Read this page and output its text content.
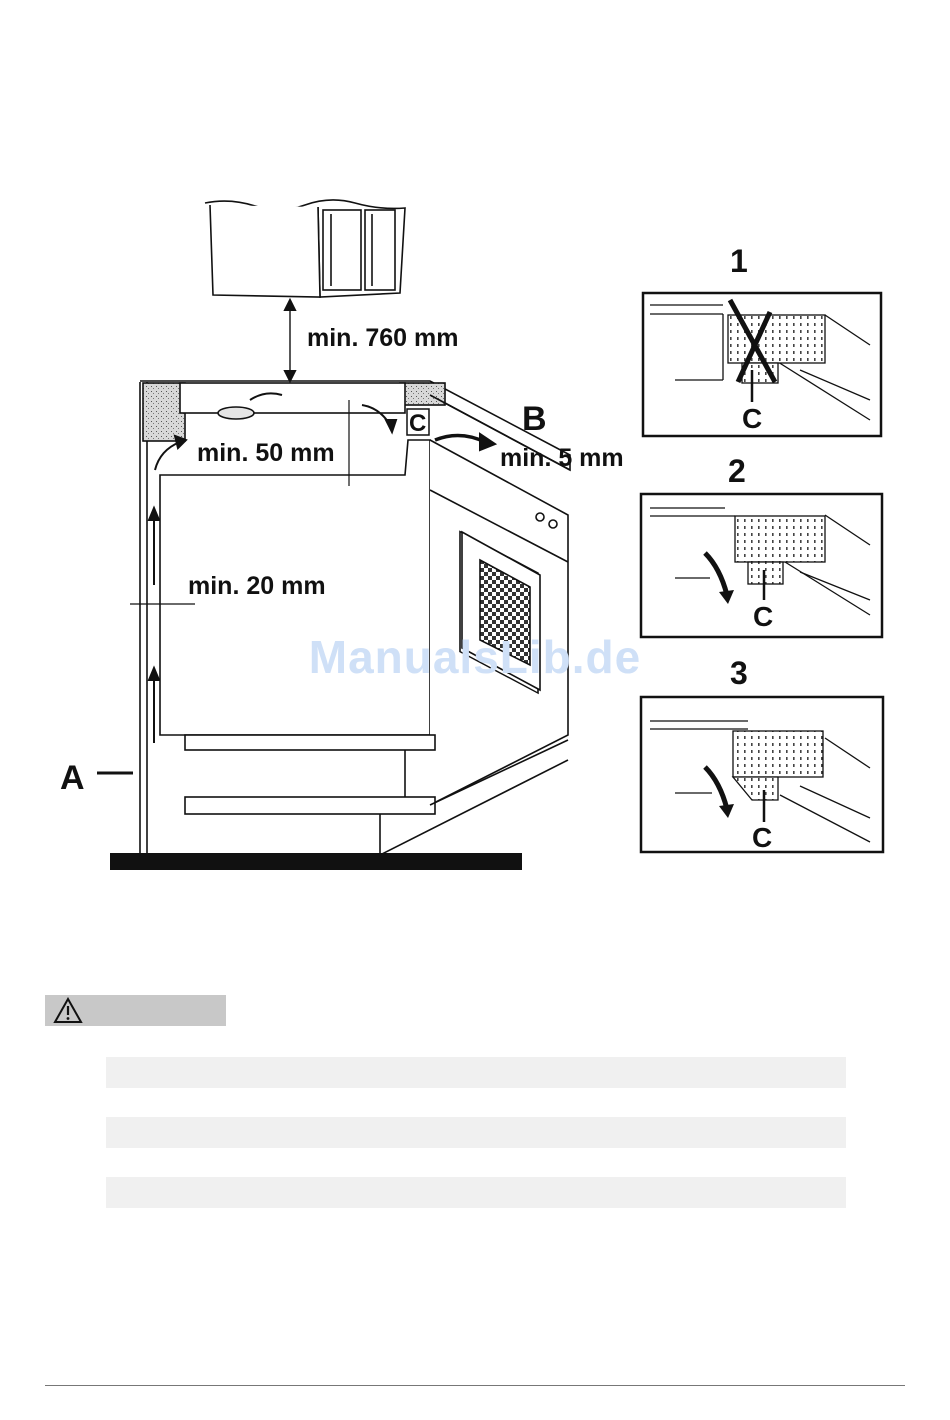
min. 760 mm
min. 50 mm
min. 20 mm
min. 5 mm
A
B
C
1
C
2
C
3
C
ManualsLib.de
